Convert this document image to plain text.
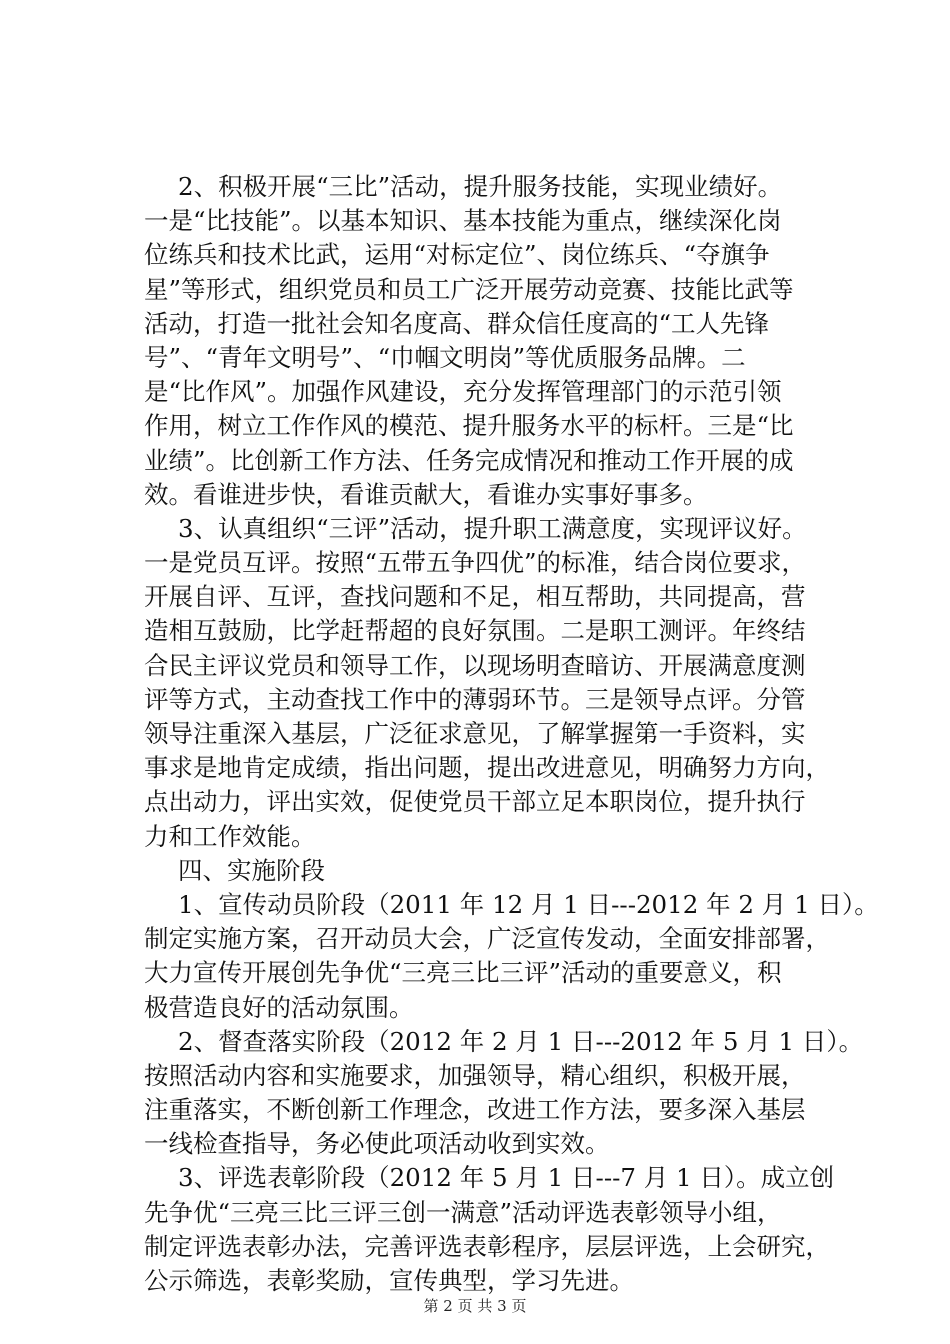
2、积极开展“三比”活动，提升服务技能，实现业绩好。
一是“比技能”。以基本知识、基本技能为重点，继续深化岗
位练兵和技术比武，运用“对标定位”、岗位练兵、“夺旗争
星”等形式，组织党员和员工广泛开展劳动竞赛、技能比武等
活动，打造一批社会知名度高、群众信任度高的“工人先锋
号”、“青年文明号”、“巾帼文明岗”等优质服务品牌。二
是“比作风”。加强作风建设，充分发挥管理部门的示范引领
作用，树立工作作风的模范、提升服务水平的标杆。三是“比
业绩”。比创新工作方法、任务完成情况和推动工作开展的成
效。看谁进步快，看谁贡献大，看谁办实事好事多。
3、认真组织“三评”活动，提升职工满意度，实现评议好。
一是党员互评。按照“五带五争四优”的标准，结合岗位要求，
开展自评、互评，查找问题和不足，相互帮助，共同提高，营
造相互鼓励，比学赶帮超的良好氛围。二是职工测评。年终结
合民主评议党员和领导工作，以现场明查暗访、开展满意度测
评等方式，主动查找工作中的薄弱环节。三是领导点评。分管
领导注重深入基层，广泛征求意见，了解掌握第一手资料，实
事求是地肯定成绩，指出问题，提出改进意见，明确努力方向，
点出动力，评出实效，促使党员干部立足本职岗位，提升执行
力和工作效能。
四、实施阶段
1、宣传动员阶段（2011 年 12 月 1 日---2012 年 2 月 1 日）。
制定实施方案，召开动员大会，广泛宣传发动，全面安排部署，
大力宣传开展创先争优“三亮三比三评”活动的重要意义，积
极营造良好的活动氛围。
2、督查落实阶段（2012 年 2 月 1 日---2012 年 5 月 1 日）。
按照活动内容和实施要求，加强领导，精心组织，积极开展，
注重落实，不断创新工作理念，改进工作方法，要多深入基层
一线检查指导，务必使此项活动收到实效。
3、评选表彰阶段（2012 年 5 月 1 日---7 月 1 日）。成立创
先争优“三亮三比三评三创一满意”活动评选表彰领导小组，
制定评选表彰办法，完善评选表彰程序，层层评选，上会研究，
公示筛选，表彰奖励，宣传典型，学习先进。
第 2 页 共 3 页
